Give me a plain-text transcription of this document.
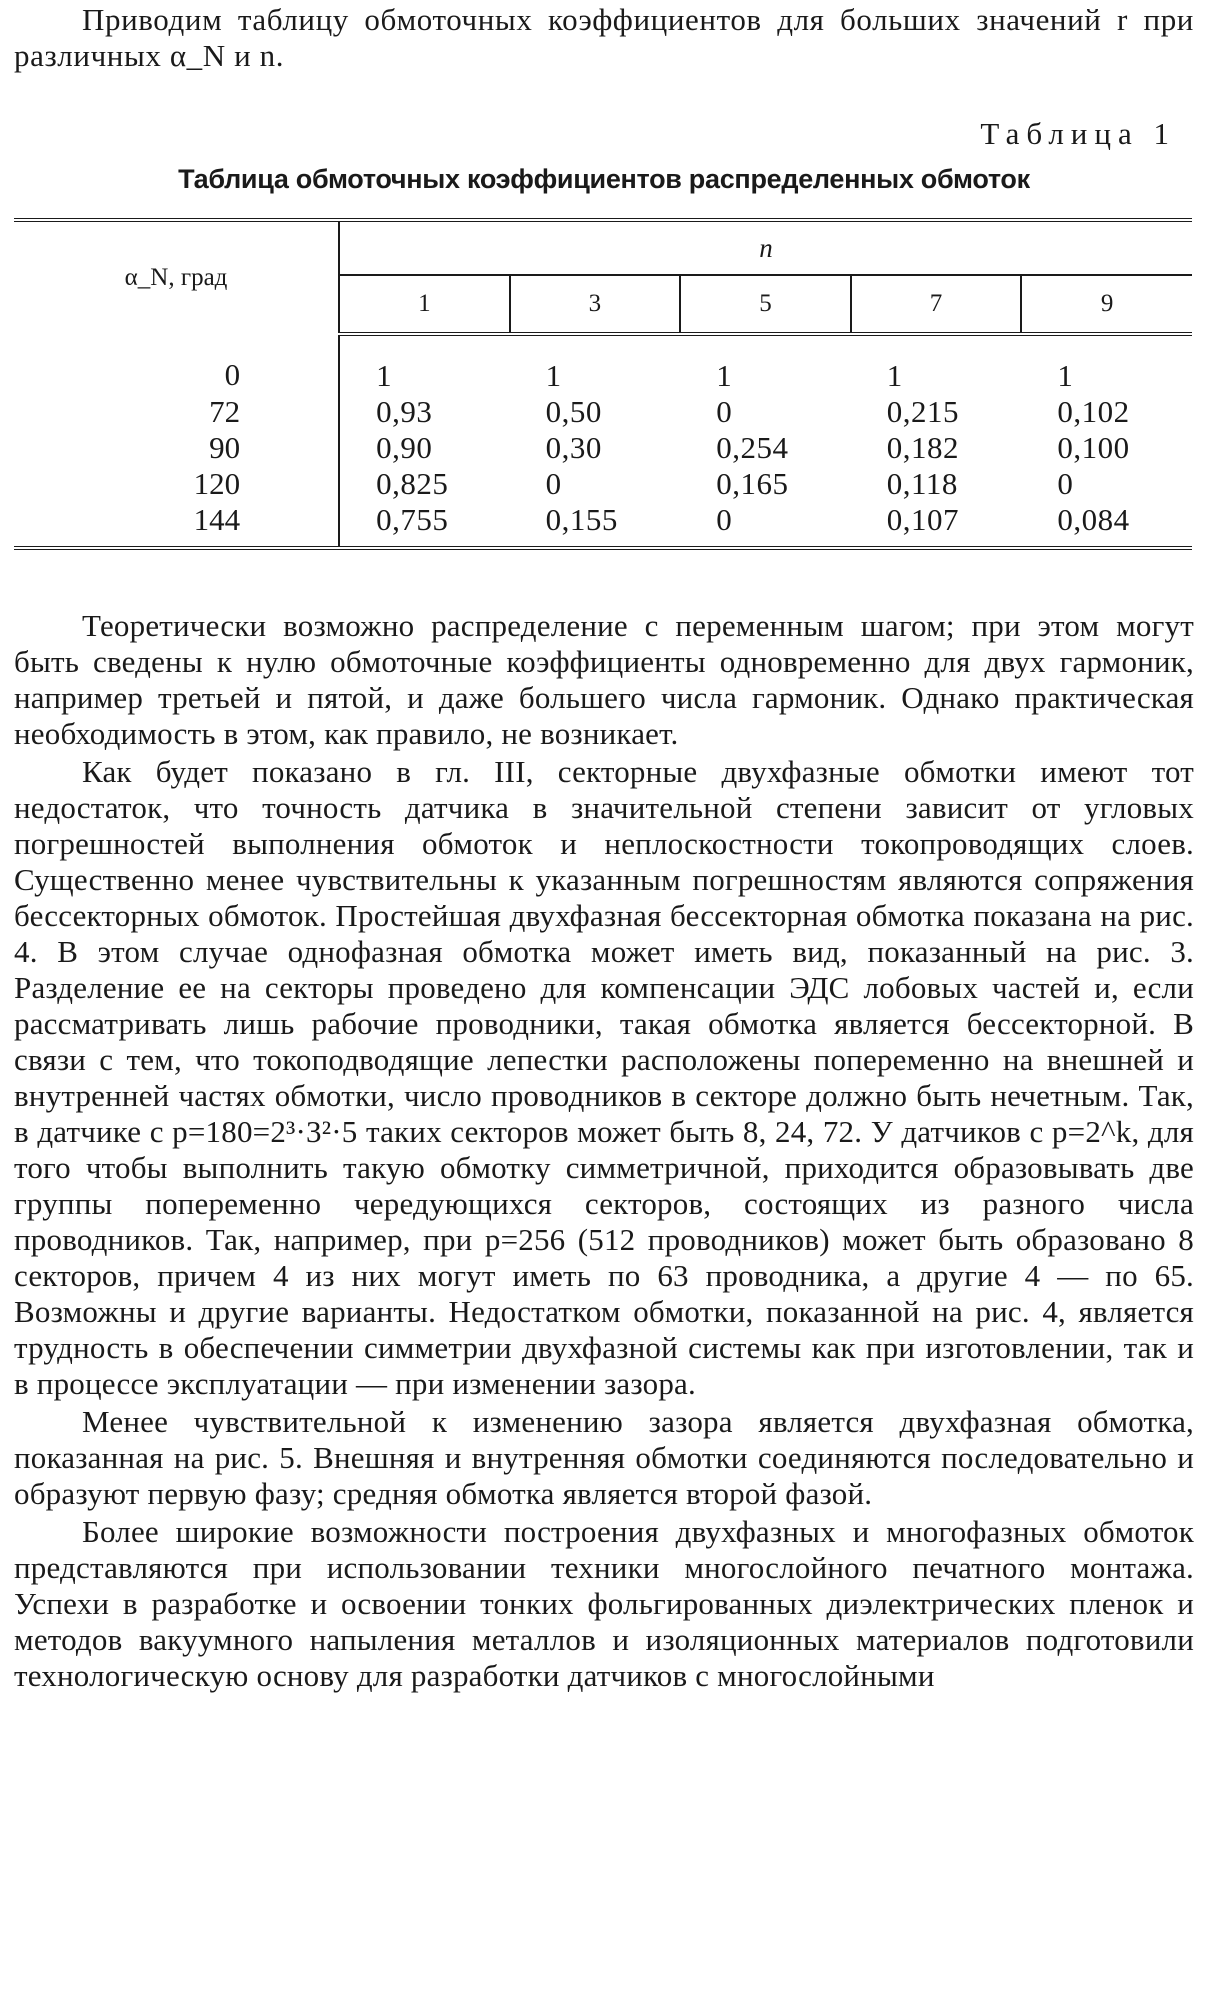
Приводим таблицу обмоточных коэффициентов для больших значений r при различных α_N и n.

Таблица 1
Таблица обмоточных коэффициентов распределенных обмоток
α_N, град	n				
	1	3	5	7	9
0	1	1	1	1	1
72	0,93	0,50	0	0,215	0,102
90	0,90	0,30	0,254	0,182	0,100
120	0,825	0	0,165	0,118	0
144	0,755	0,155	0	0,107	0,084

Теоретически возможно распределение с переменным шагом; при этом могут быть сведены к нулю обмоточные коэффициенты одновременно для двух гармоник, например третьей и пятой, и даже большего числа гармоник. Однако практическая необходимость в этом, как правило, не возникает.

Как будет показано в гл. III, секторные двухфазные обмотки имеют тот недостаток, что точность датчика в значительной степени зависит от угловых погрешностей выполнения обмоток и неплоскостности токопроводящих слоев. Существенно менее чувствительны к указанным погрешностям являются сопряжения бессекторных обмоток. Простейшая двухфазная бессекторная обмотка показана на рис. 4. В этом случае однофазная обмотка может иметь вид, показанный на рис. 3. Разделение ее на секторы проведено для компенсации ЭДС лобовых частей и, если рассматривать лишь рабочие проводники, такая обмотка является бессекторной. В связи с тем, что токоподводящие лепестки расположены попеременно на внешней и внутренней частях обмотки, число проводников в секторе должно быть нечетным. Так, в датчике с p=180=2³·3²·5 таких секторов может быть 8, 24, 72. У датчиков с p=2^k, для того чтобы выполнить такую обмотку симметричной, приходится образовывать две группы попеременно чередующихся секторов, состоящих из разного числа проводников. Так, например, при p=256 (512 проводников) может быть образовано 8 секторов, причем 4 из них могут иметь по 63 проводника, а другие 4 — по 65. Возможны и другие варианты. Недостатком обмотки, показанной на рис. 4, является трудность в обеспечении симметрии двухфазной системы как при изготовлении, так и в процессе эксплуатации — при изменении зазора.

Менее чувствительной к изменению зазора является двухфазная обмотка, показанная на рис. 5. Внешняя и внутренняя обмотки соединяются последовательно и образуют первую фазу; средняя обмотка является второй фазой.

Более широкие возможности построения двухфазных и многофазных обмоток представляются при использовании техники многослойного печатного монтажа. Успехи в разработке и освоении тонких фольгированных диэлектрических пленок и методов вакуумного напыления металлов и изоляционных материалов подготовили технологическую основу для разработки датчиков с многослойными
